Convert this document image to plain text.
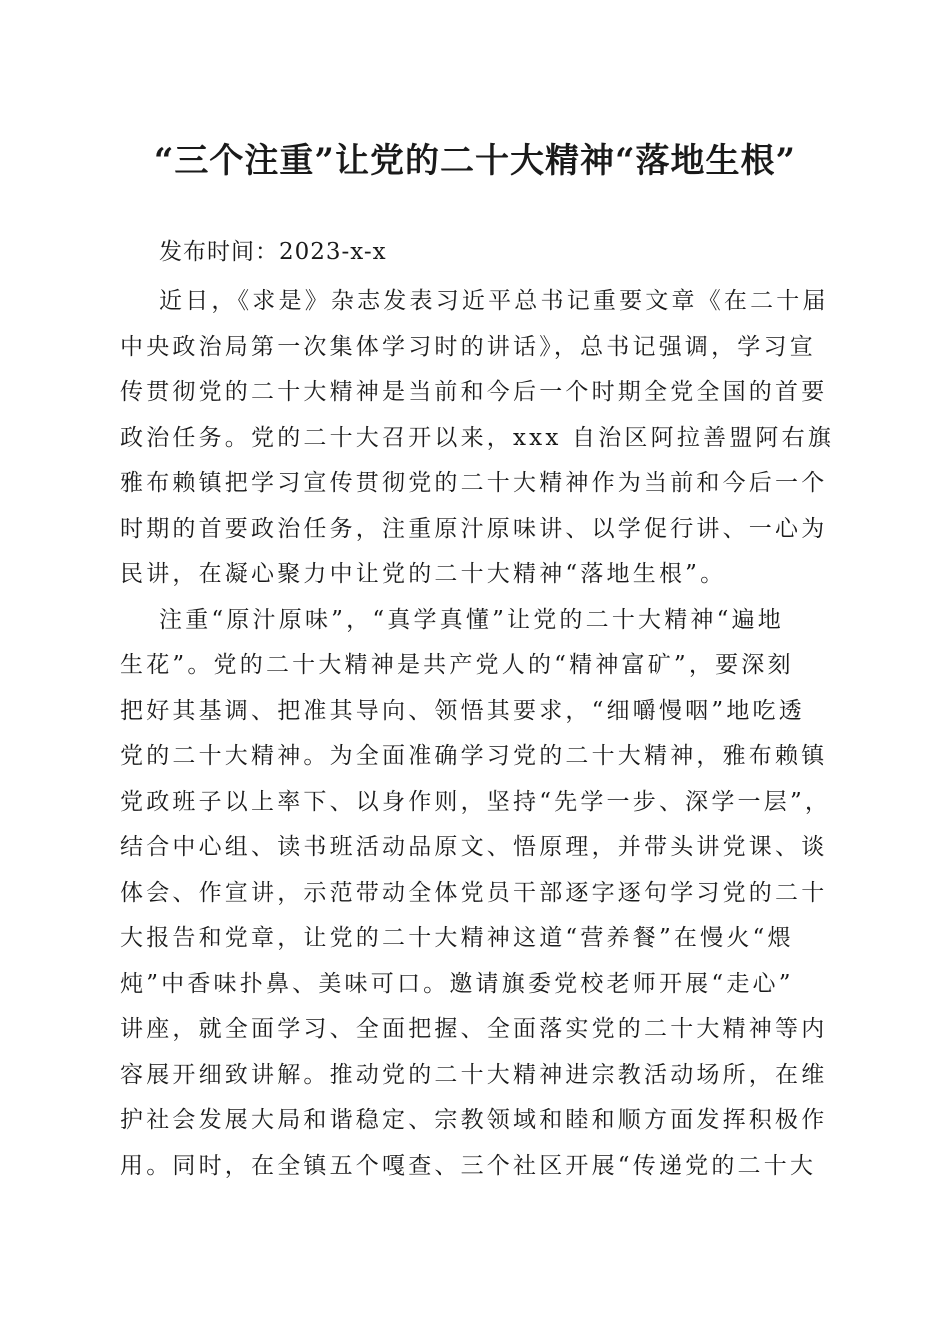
“三个注重”让党的二十大精神“落地生根”

发布时间：2023-x-x

近日，《求是》杂志发表习近平总书记重要文章《在二十届
中央政治局第一次集体学习时的讲话》，总书记强调，学习宣
传贯彻党的二十大精神是当前和今后一个时期全党全国的首要
政治任务。党的二十大召开以来，xxx 自治区阿拉善盟阿右旗
雅布赖镇把学习宣传贯彻党的二十大精神作为当前和今后一个
时期的首要政治任务，注重原汁原味讲、以学促行讲、一心为
民讲，在凝心聚力中让党的二十大精神“落地生根”。
注重“原汁原味”，“真学真懂”让党的二十大精神“遍地
生花”。党的二十大精神是共产党人的“精神富矿”，要深刻
把好其基调、把准其导向、领悟其要求，“细嚼慢咽”地吃透
党的二十大精神。为全面准确学习党的二十大精神，雅布赖镇
党政班子以上率下、以身作则，坚持“先学一步、深学一层”，
结合中心组、读书班活动品原文、悟原理，并带头讲党课、谈
体会、作宣讲，示范带动全体党员干部逐字逐句学习党的二十
大报告和党章，让党的二十大精神这道“营养餐”在慢火“煨
炖”中香味扑鼻、美味可口。邀请旗委党校老师开展“走心”
讲座，就全面学习、全面把握、全面落实党的二十大精神等内
容展开细致讲解。推动党的二十大精神进宗教活动场所，在维
护社会发展大局和谐稳定、宗教领域和睦和顺方面发挥积极作
用。同时，在全镇五个嘎查、三个社区开展“传递党的二十大
